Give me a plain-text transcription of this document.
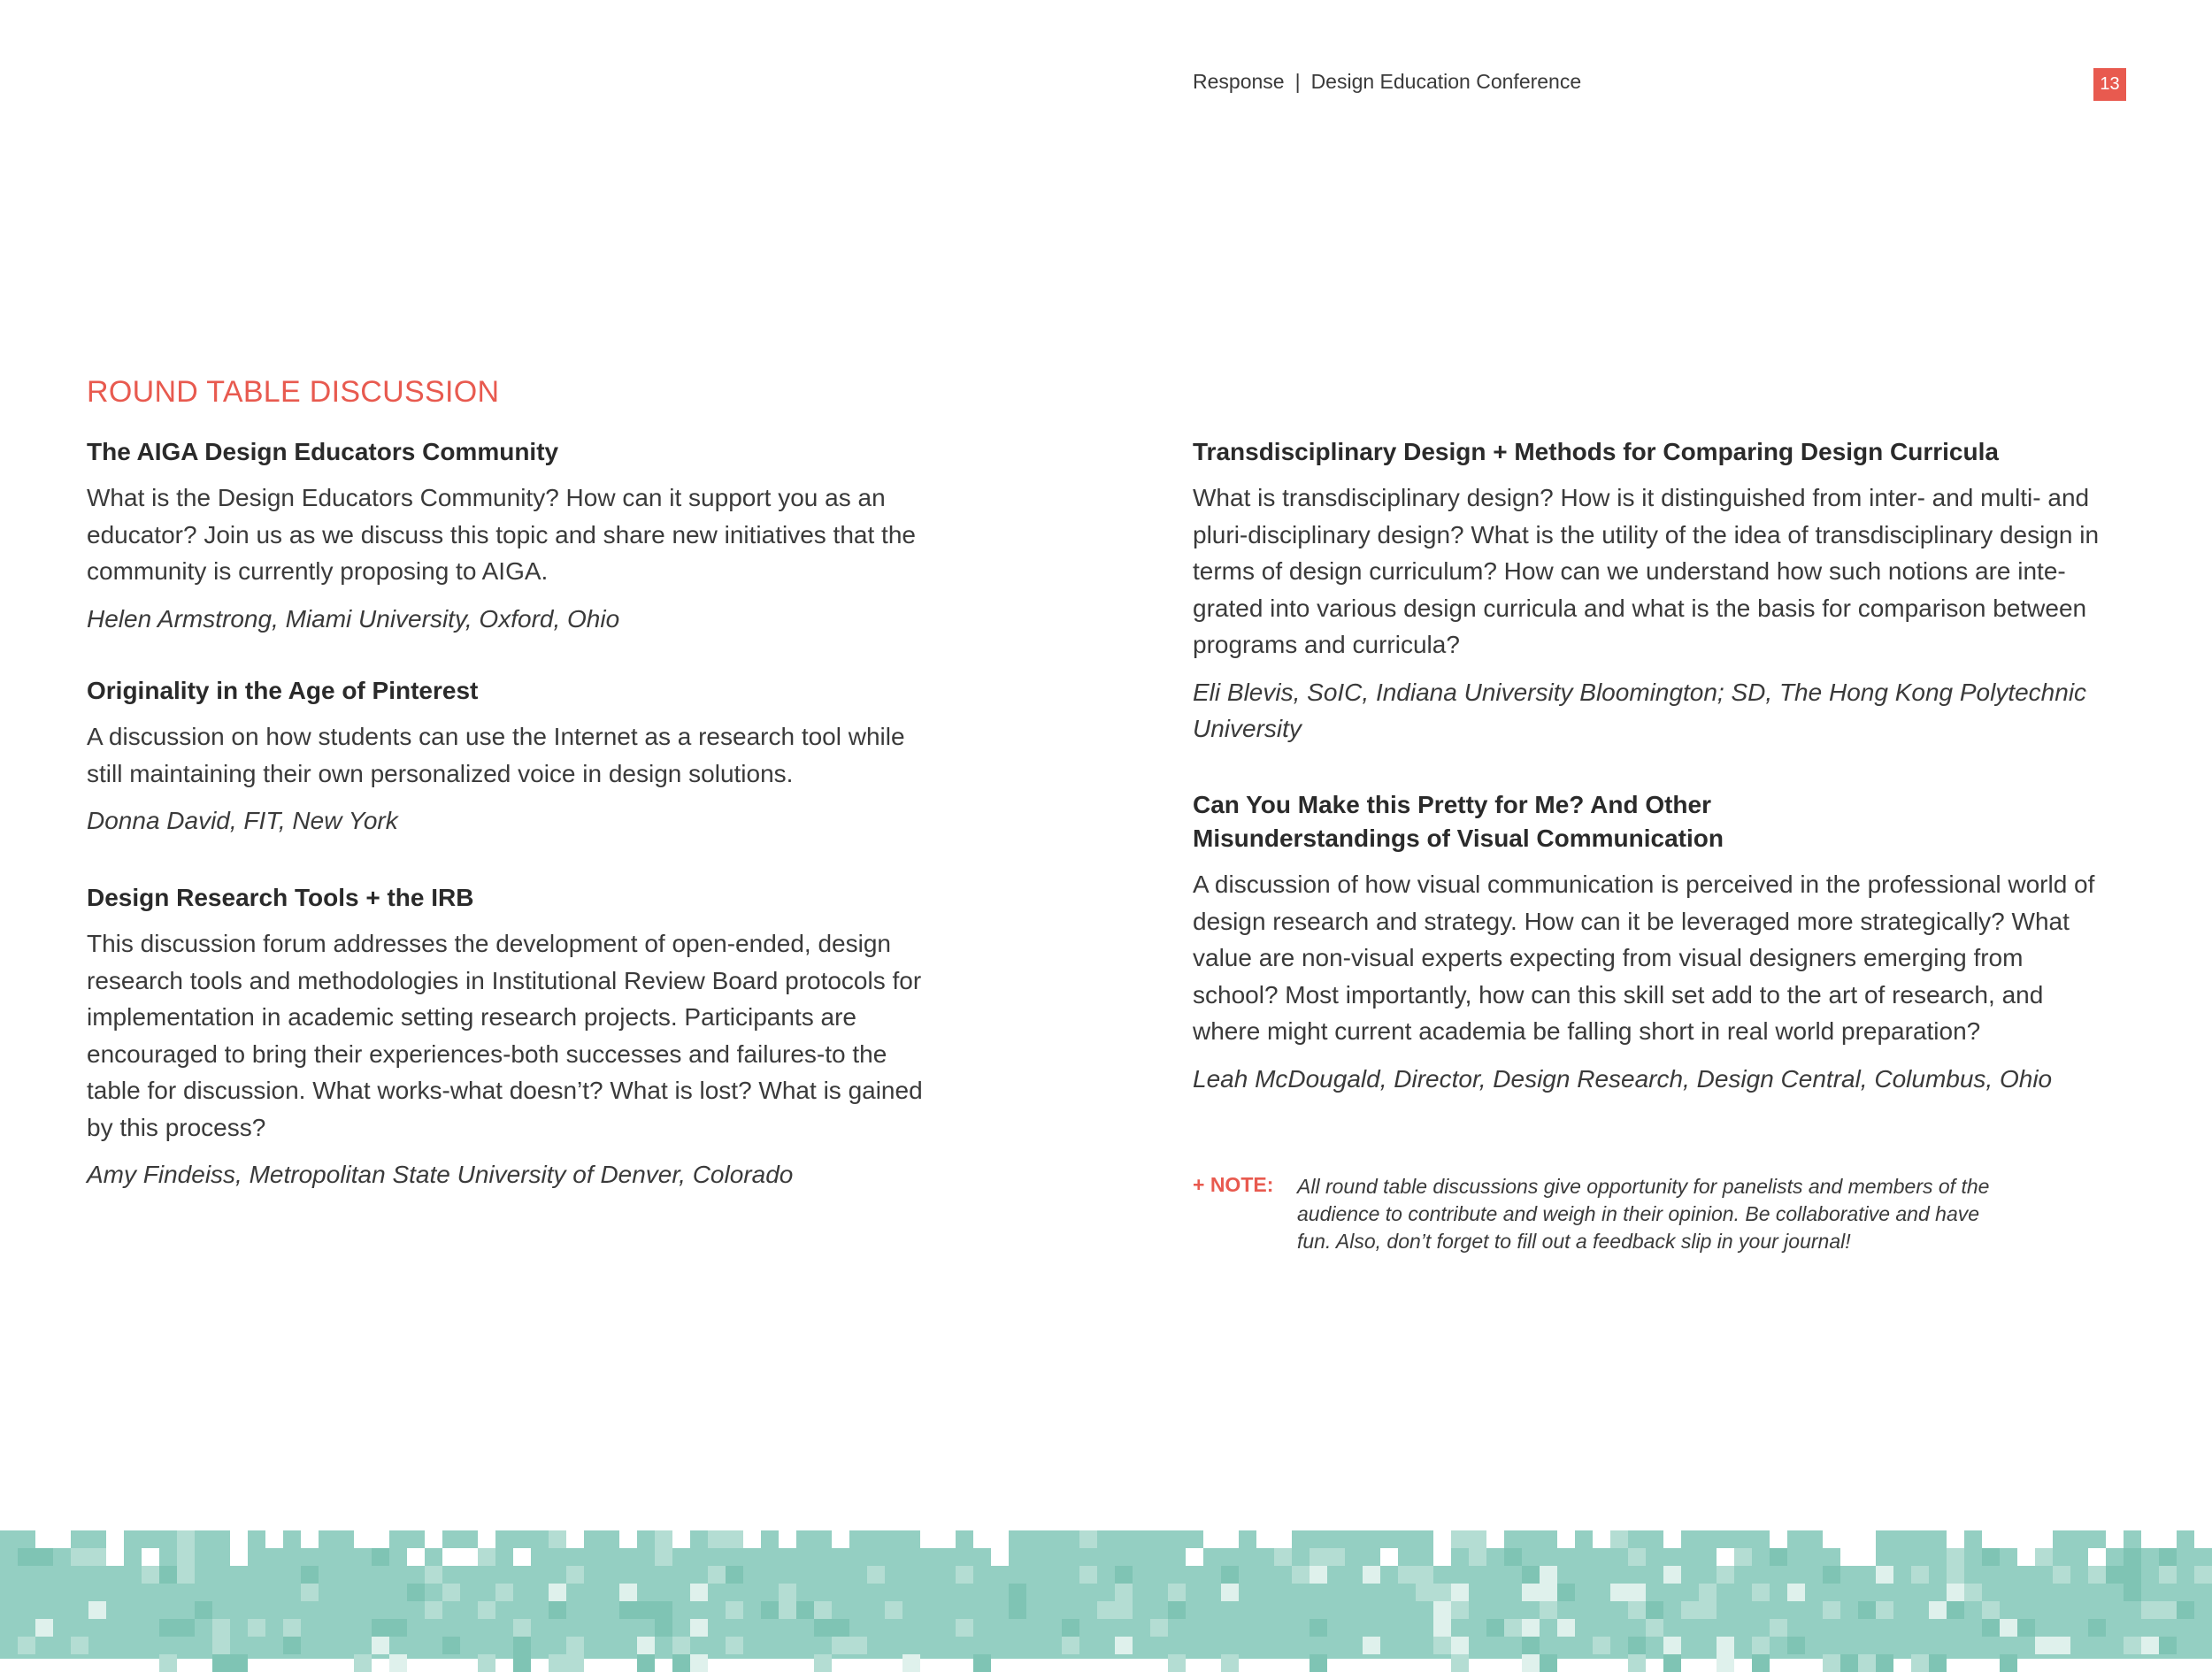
Response | Design Education Conference	13
ROUND TABLE DISCUSSION
The AIGA Design Educators Community

What is the Design Educators Community? How can it support you as an educator? Join us as we discuss this topic and share new initiatives that the community is currently proposing to AIGA.

Helen Armstrong, Miami University, Oxford, Ohio

Originality in the Age of Pinterest

A discussion on how students can use the Internet as a research tool while still maintaining their own personalized voice in design solutions.

Donna David, FIT, New York

Design Research Tools + the IRB

This discussion forum addresses the development of open-ended, design research tools and methodologies in Institutional Review Board protocols for implementation in academic setting research projects. Participants are encouraged to bring their experiences-both successes and failures-to the table for discussion. What works-what doesn’t? What is lost? What is gained by this process?

Amy Findeiss, Metropolitan State University of Denver, Colorado

Transdisciplinary Design + Methods for Comparing Design Curricula

What is transdisciplinary design? How is it distinguished from inter- and multi- and pluri-disciplinary design? What is the utility of the idea of transdisciplinary design in terms of design curriculum? How can we understand how such notions are inte-grated into various design curricula and what is the basis for comparison between programs and curricula?

Eli Blevis, SoIC, Indiana University Bloomington; SD, The Hong Kong Polytechnic University

Can You Make this Pretty for Me? And Other Misunderstandings of Visual Communication

A discussion of how visual communication is perceived in the professional world of design research and strategy. How can it be leveraged more strategically? What value are non-visual experts expecting from visual designers emerging from school? Most importantly, how can this skill set add to the art of research, and where might current academia be falling short in real world preparation?

Leah McDougald, Director, Design Research, Design Central, Columbus, Ohio

+ NOTE: All round table discussions give opportunity for panelists and members of the audience to contribute and weigh in their opinion. Be collaborative and have fun. Also, don’t forget to fill out a feedback slip in your journal!
